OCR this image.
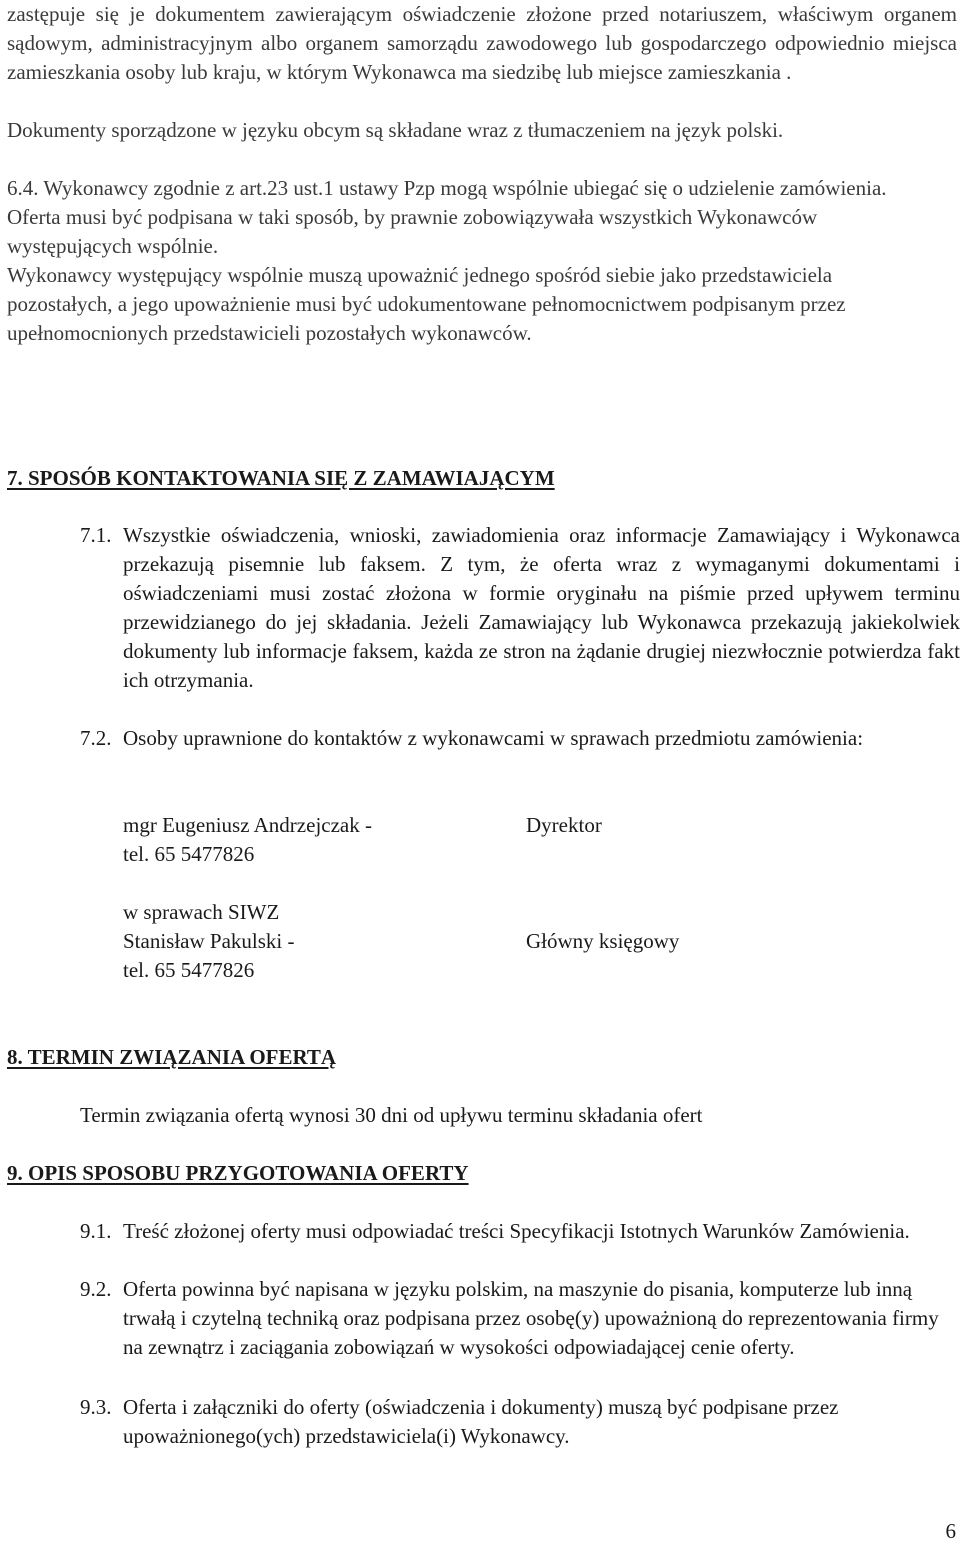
zastępuje się je dokumentem zawierającym oświadczenie złożone przed notariuszem, właściwym organem sądowym, administracyjnym albo organem samorządu zawodowego lub gospodarczego odpowiednio miejsca zamieszkania osoby lub kraju, w którym Wykonawca ma siedzibę lub miejsce zamieszkania .

Dokumenty sporządzone w języku obcym są składane wraz z tłumaczeniem na język polski.

6.4. Wykonawcy zgodnie z art.23 ust.1 ustawy Pzp mogą wspólnie ubiegać się o udzielenie zamówienia.

Oferta musi być podpisana w taki sposób, by prawnie zobowiązywała wszystkich Wykonawców występujących wspólnie.

Wykonawcy występujący wspólnie muszą upoważnić jednego spośród siebie jako przedstawiciela pozostałych, a jego upoważnienie musi być udokumentowane pełnomocnictwem podpisanym przez upełnomocnionych przedstawicieli pozostałych wykonawców.

7. SPOSÓB KONTAKTOWANIA SIĘ Z ZAMAWIAJĄCYM
7.1. Wszystkie oświadczenia, wnioski, zawiadomienia oraz informacje Zamawiający i Wykonawca przekazują pisemnie lub faksem. Z tym, że oferta wraz z wymaganymi dokumentami i oświadczeniami musi zostać złożona w formie oryginału na piśmie przed upływem terminu przewidzianego do jej składania. Jeżeli Zamawiający lub Wykonawca przekazują jakiekolwiek dokumenty lub informacje faksem, każda ze stron na żądanie drugiej niezwłocznie potwierdza fakt ich otrzymania.

7.2. Osoby uprawnione do kontaktów z wykonawcami w sprawach przedmiotu zamówienia:

mgr Eugeniusz Andrzejczak -
tel. 65 5477826
Dyrektor
w sprawach SIWZ
Stanisław Pakulski -
tel. 65 5477826
Główny księgowy
8. TERMIN ZWIĄZANIA OFERTĄ

Termin związania ofertą wynosi 30 dni od upływu terminu składania ofert

9. OPIS SPOSOBU PRZYGOTOWANIA OFERTY
9.1. Treść złożonej oferty musi odpowiadać treści Specyfikacji Istotnych Warunków Zamówienia.

9.2. Oferta powinna być napisana w języku polskim, na maszynie do pisania, komputerze lub inną trwałą i czytelną techniką oraz podpisana przez osobę(y) upoważnioną do reprezentowania firmy na zewnątrz i zaciągania zobowiązań w wysokości odpowiadającej cenie oferty.

9.3. Oferta i załączniki do oferty (oświadczenia i dokumenty) muszą być podpisane przez upoważnionego(ych) przedstawiciela(i) Wykonawcy.

6
